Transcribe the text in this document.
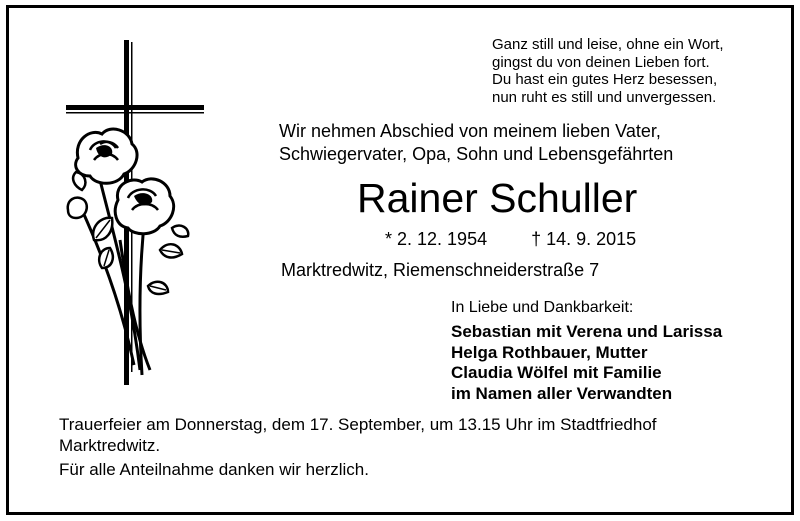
Ganz still und leise, ohne ein Wort,
gingst du von deinen Lieben fort.
Du hast ein gutes Herz besessen,
nun ruht es still und unvergessen.
Wir nehmen Abschied von meinem lieben Vater,
Schwiegervater, Opa, Sohn und Lebensgefährten
Rainer Schuller
* 2. 12. 1954 † 14. 9. 2015
Marktredwitz, Riemenschneiderstraße 7
In Liebe und Dankbarkeit:
Sebastian mit Verena und Larissa
Helga Rothbauer, Mutter
Claudia Wölfel mit Familie
im Namen aller Verwandten
Trauerfeier am Donnerstag, dem 17. September, um 13.15 Uhr im Stadtfriedhof Marktredwitz.
Für alle Anteilnahme danken wir herzlich.
